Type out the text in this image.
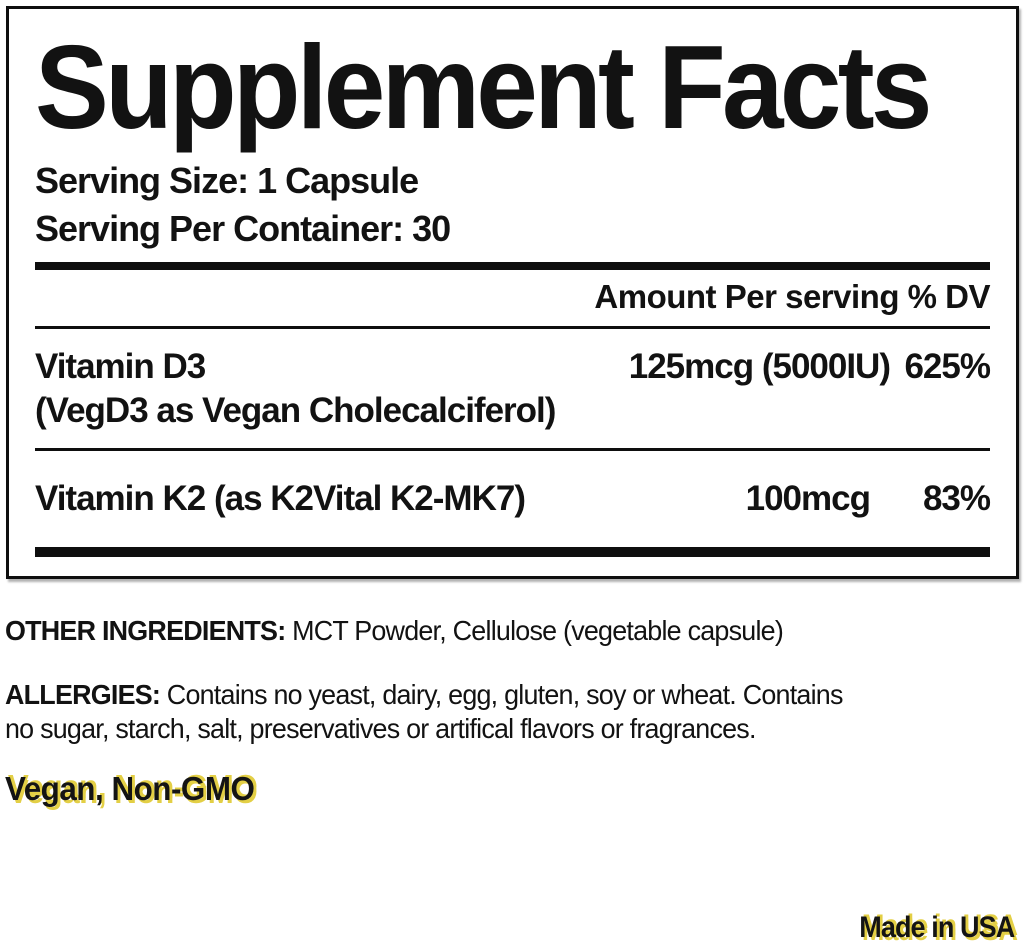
Supplement Facts
Serving Size: 1 Capsule
Serving Per Container: 30
Amount Per serving % DV
Vitamin D3	125mcg (5000IU) 625%
(VegD3 as Vegan Cholecalciferol)
Vitamin K2 (as K2Vital K2-MK7)	100mcg	83%
OTHER INGREDIENTS: MCT Powder, Cellulose (vegetable capsule)
ALLERGIES: Contains no yeast, dairy, egg, gluten, soy or wheat. Contains
no sugar, starch, salt, preservatives or artifical flavors or fragrances.
Vegan, Non-GMO
Made in USA
